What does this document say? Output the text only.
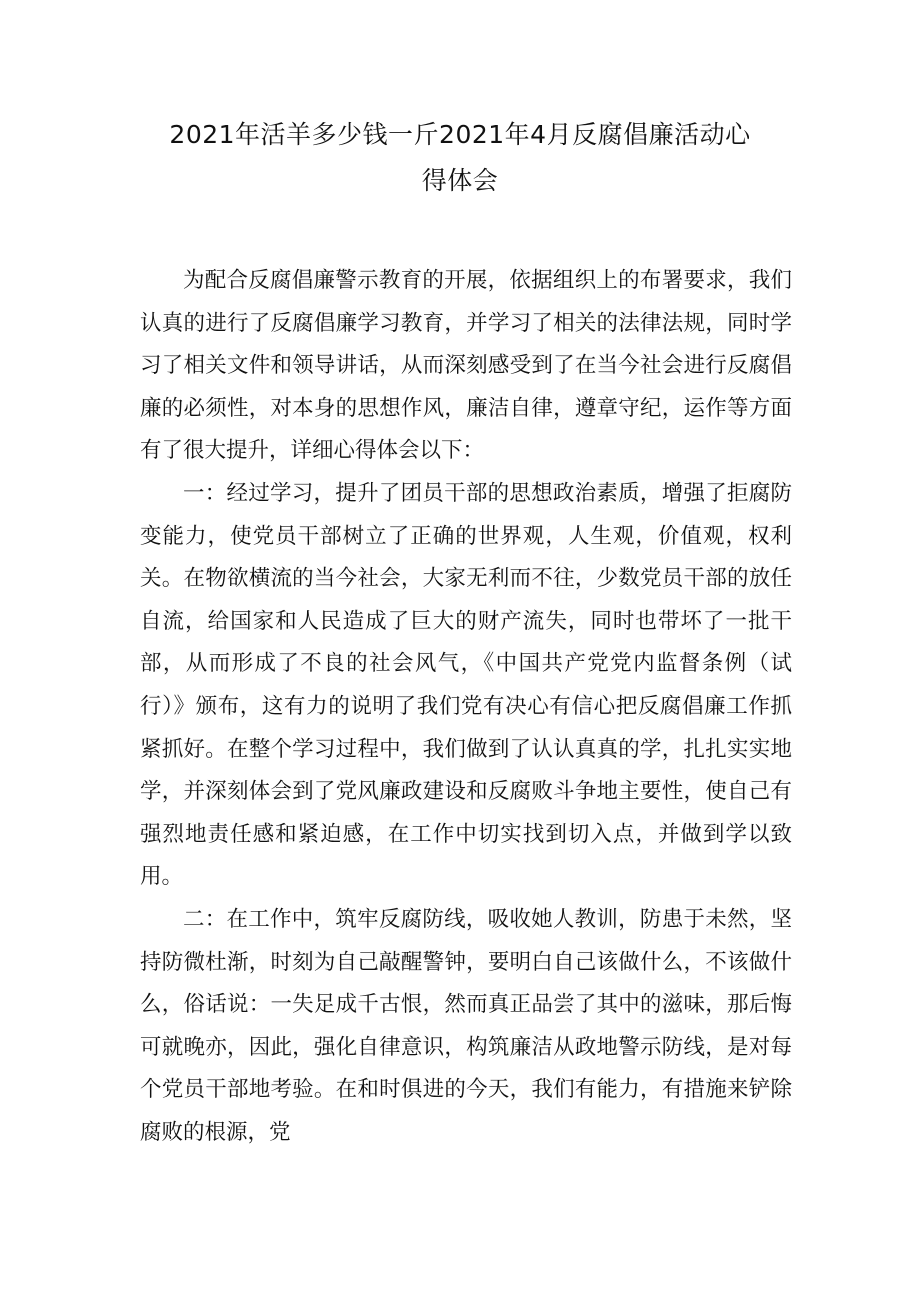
2021年活羊多少钱一斤2021年4月反腐倡廉活动心
得体会

为配合反腐倡廉警示教育的开展，依据组织上的布署要求，我们认真的进行了反腐倡廉学习教育，并学习了相关的法律法规，同时学习了相关文件和领导讲话，从而深刻感受到了在当今社会进行反腐倡廉的必须性，对本身的思想作风，廉洁自律，遵章守纪，运作等方面有了很大提升，详细心得体会以下：

一：经过学习，提升了团员干部的思想政治素质，增强了拒腐防变能力，使党员干部树立了正确的世界观，人生观，价值观，权利关。在物欲横流的当今社会，大家无利而不往，少数党员干部的放任自流，给国家和人民造成了巨大的财产流失，同时也带坏了一批干部，从而形成了不良的社会风气，《中国共产党党内监督条例（试行）》颁布，这有力的说明了我们党有决心有信心把反腐倡廉工作抓紧抓好。在整个学习过程中，我们做到了认认真真的学，扎扎实实地学，并深刻体会到了党风廉政建设和反腐败斗争地主要性，使自己有强烈地责任感和紧迫感，在工作中切实找到切入点，并做到学以致用。

二：在工作中，筑牢反腐防线，吸收她人教训，防患于未然，坚持防微杜渐，时刻为自己敲醒警钟，要明白自己该做什么，不该做什么，俗话说：一失足成千古恨，然而真正品尝了其中的滋味，那后悔可就晚亦，因此，强化自律意识，构筑廉洁从政地警示防线，是对每个党员干部地考验。在和时俱进的今天，我们有能力，有措施来铲除腐败的根源，党
